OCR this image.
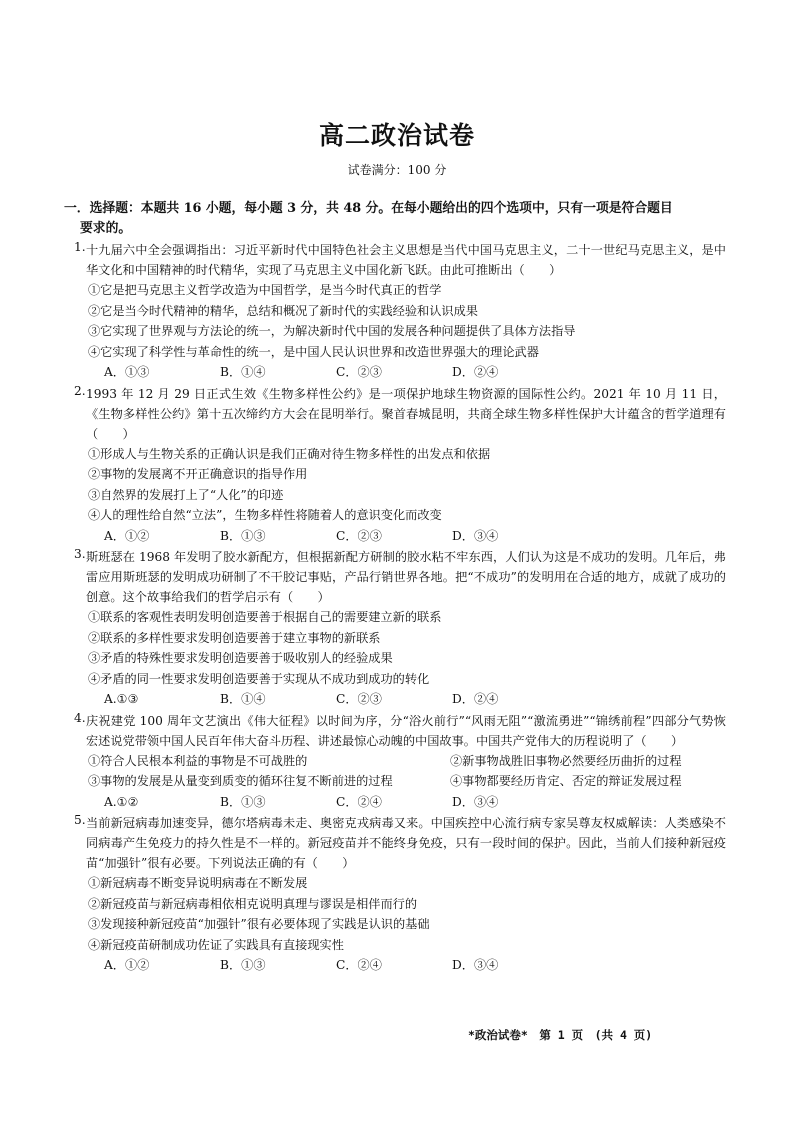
高二政治试卷
试卷满分：100 分
一．选择题：本题共 16 小题，每小题 3 分，共 48 分。在每小题给出的四个选项中，只有一项是符合题目
要求的。
1. 十九届六中全会强调指出：习近平新时代中国特色社会主义思想是当代中国马克思主义，二十一世纪马克思主义，是中华文化和中国精神的时代精华，实现了马克思主义中国化新飞跃。由此可推断出（　　）

①它是把马克思主义哲学改造为中国哲学，是当今时代真正的哲学
②它是当今时代精神的精华，总结和概况了新时代的实践经验和认识成果
③它实现了世界观与方法论的统一，为解决新时代中国的发展各种问题提供了具体方法指导
④它实现了科学性与革命性的统一，是中国人民认识世界和改造世界强大的理论武器
A．①③	B．①④	C．②③	D．②④
2. 1993 年 12 月 29 日正式生效《生物多样性公约》是一项保护地球生物资源的国际性公约。2021 年 10 月 11 日，《生物多样性公约》第十五次缔约方大会在昆明举行。聚首春城昆明，共商全球生物多样性保护大计蕴含的哲学道理有（　　）

①形成人与生物关系的正确认识是我们正确对待生物多样性的出发点和依据
②事物的发展离不开正确意识的指导作用
③自然界的发展打上了“人化”的印迹
④人的理性给自然“立法”，生物多样性将随着人的意识变化而改变
A．①②	B．①③	C．②③	D．③④
3. 斯班瑟在 1968 年发明了胶水新配方，但根据新配方研制的胶水粘不牢东西，人们认为这是不成功的发明。几年后，弗雷应用斯班瑟的发明成功研制了不干胶记事贴，产品行销世界各地。把“不成功”的发明用在合适的地方，成就了成功的创意。这个故事给我们的哲学启示有（　　）

①联系的客观性表明发明创造要善于根据自己的需要建立新的联系
②联系的多样性要求发明创造要善于建立事物的新联系
③矛盾的特殊性要求发明创造要善于吸收别人的经验成果
④矛盾的同一性要求发明创造要善于实现从不成功到成功的转化
A.①③	B．①④	C．②③	D．②④
4. 庆祝建党 100 周年文艺演出《伟大征程》以时间为序，分“浴火前行”“风雨无阻”“激流勇进”“锦绣前程”四部分气势恢宏述说党带领中国人民百年伟大奋斗历程、讲述最惊心动魄的中国故事。中国共产党伟大的历程说明了（　　）

①符合人民根本利益的事物是不可战胜的	②新事物战胜旧事物必然要经历曲折的过程
③事物的发展是从量变到质变的循环往复不断前进的过程	④事物都要经历肯定、否定的辩证发展过程
A.①②	B．①③	C．②④	D．③④
5. 当前新冠病毒加速变异，德尔塔病毒未走、奥密克戎病毒又来。中国疾控中心流行病专家吴尊友权威解读：人类感染不同病毒产生免疫力的持久性是不一样的。新冠疫苗并不能终身免疫，只有一段时间的保护。因此，当前人们接种新冠疫苗“加强针”很有必要。下列说法正确的有（　　）

①新冠病毒不断变异说明病毒在不断发展
②新冠疫苗与新冠病毒相依相克说明真理与谬误是相伴而行的
③发现接种新冠疫苗“加强针”很有必要体现了实践是认识的基础
④新冠疫苗研制成功佐证了实践具有直接现实性
A．①②	B．①③	C．②④	D．③④
*政治试卷*　第 1 页　(共 4 页)
